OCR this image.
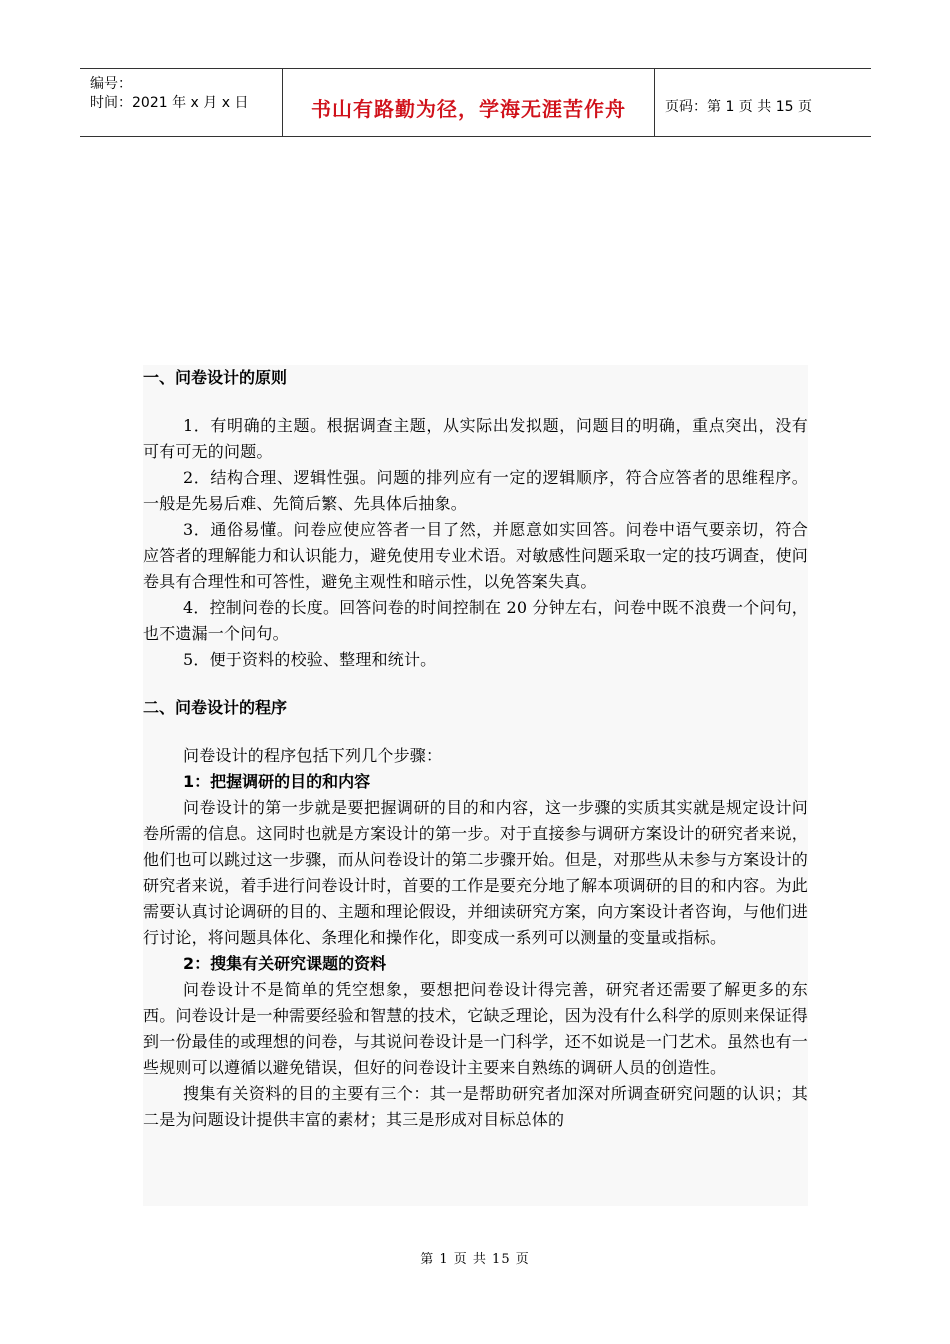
编号：
时间：2021 年 x 月 x 日	书山有路勤为径，学海无涯苦作舟	页码：第 1 页 共 15 页

一、问卷设计的原则

1．有明确的主题。根据调查主题，从实际出发拟题，问题目的明确，重点突出，没有可有可无的问题。

2．结构合理、逻辑性强。问题的排列应有一定的逻辑顺序，符合应答者的思维程序。一般是先易后难、先简后繁、先具体后抽象。

3．通俗易懂。问卷应使应答者一目了然，并愿意如实回答。问卷中语气要亲切，符合应答者的理解能力和认识能力，避免使用专业术语。对敏感性问题采取一定的技巧调查，使问卷具有合理性和可答性，避免主观性和暗示性，以免答案失真。

4．控制问卷的长度。回答问卷的时间控制在 20 分钟左右，问卷中既不浪费一个问句，也不遗漏一个问句。

5．便于资料的校验、整理和统计。

二、问卷设计的程序

问卷设计的程序包括下列几个步骤：

1：把握调研的目的和内容

问卷设计的第一步就是要把握调研的目的和内容，这一步骤的实质其实就是规定设计问卷所需的信息。这同时也就是方案设计的第一步。对于直接参与调研方案设计的研究者来说，他们也可以跳过这一步骤，而从问卷设计的第二步骤开始。但是，对那些从未参与方案设计的研究者来说，着手进行问卷设计时，首要的工作是要充分地了解本项调研的目的和内容。为此需要认真讨论调研的目的、主题和理论假设，并细读研究方案，向方案设计者咨询，与他们进行讨论，将问题具体化、条理化和操作化，即变成一系列可以测量的变量或指标。

2：搜集有关研究课题的资料

问卷设计不是简单的凭空想象，要想把问卷设计得完善，研究者还需要了解更多的东西。问卷设计是一种需要经验和智慧的技术，它缺乏理论，因为没有什么科学的原则来保证得到一份最佳的或理想的问卷，与其说问卷设计是一门科学，还不如说是一门艺术。虽然也有一些规则可以遵循以避免错误，但好的问卷设计主要来自熟练的调研人员的创造性。

搜集有关资料的目的主要有三个：其一是帮助研究者加深对所调查研究问题的认识；其二是为问题设计提供丰富的素材；其三是形成对目标总体的

第 1 页 共 15 页
